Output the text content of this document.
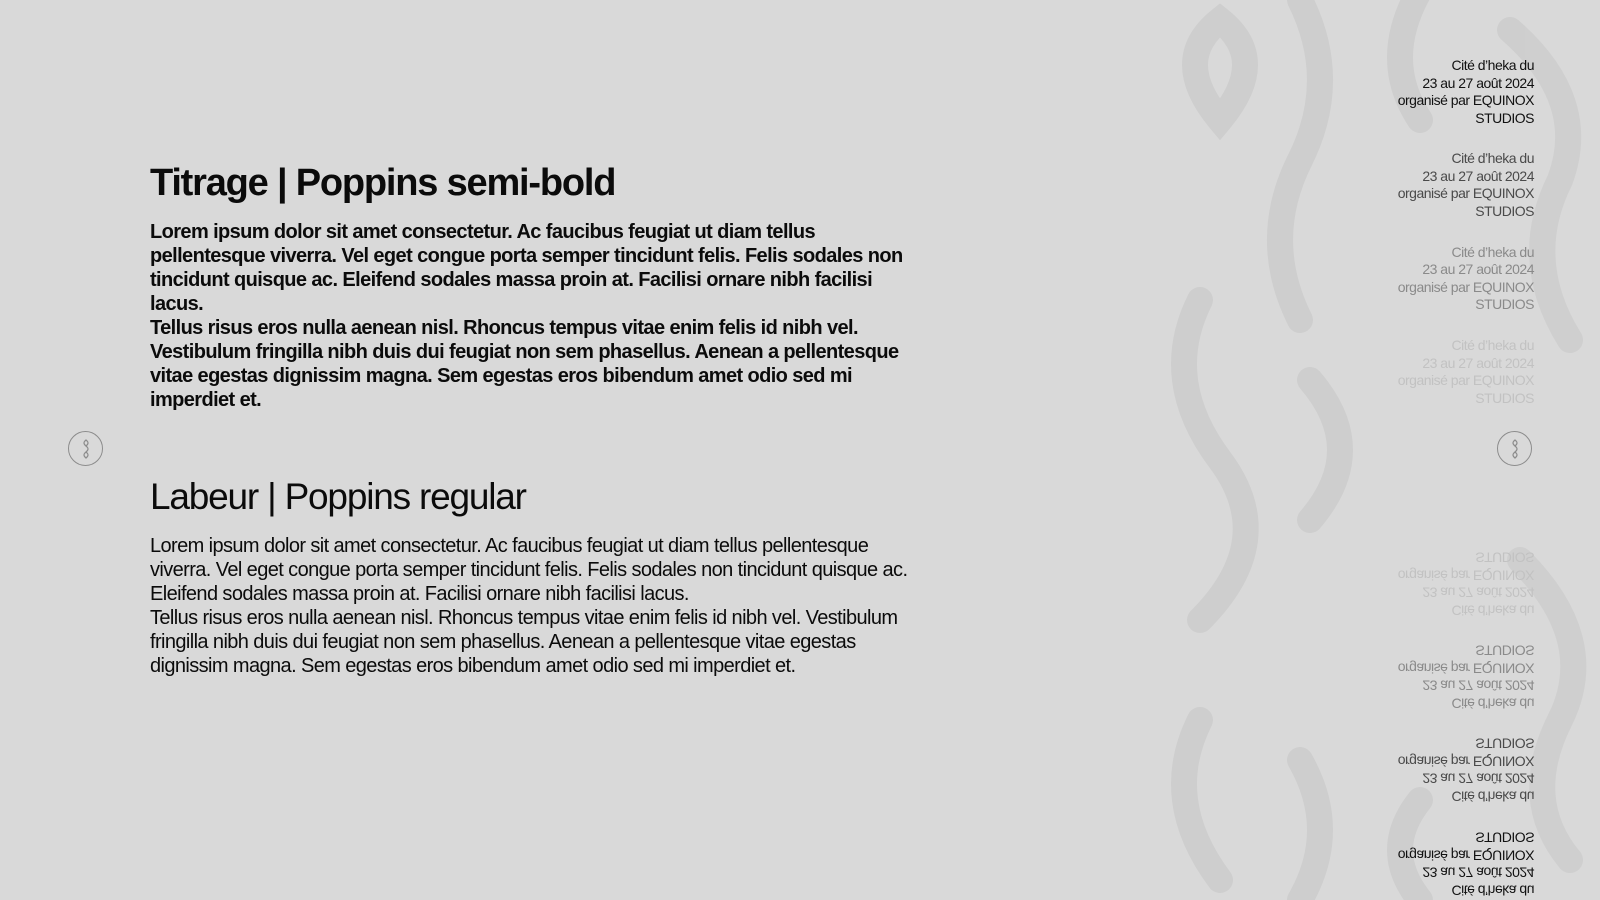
Titrage | Poppins semi-bold

Lorem ipsum dolor sit amet consectetur. Ac faucibus feugiat ut diam tellus pellentesque viverra. Vel eget congue porta semper tincidunt felis. Felis sodales non tincidunt quisque ac. Eleifend sodales massa proin at. Facilisi ornare nibh facilisi lacus.

Tellus risus eros nulla aenean nisl. Rhoncus tempus vitae enim felis id nibh vel. Vestibulum fringilla nibh duis dui feugiat non sem phasellus. Aenean a pellentesque vitae egestas dignissim magna. Sem egestas eros bibendum amet odio sed mi imperdiet et.

Labeur | Poppins regular

Lorem ipsum dolor sit amet consectetur. Ac faucibus feugiat ut diam tellus pellentesque viverra. Vel eget congue porta semper tincidunt felis. Felis sodales non tincidunt quisque ac. Eleifend sodales massa proin at. Facilisi ornare nibh facilisi lacus.

Tellus risus eros nulla aenean nisl. Rhoncus tempus vitae enim felis id nibh vel. Vestibulum fringilla nibh duis dui feugiat non sem phasellus. Aenean a pellentesque vitae egestas dignissim magna. Sem egestas eros bibendum amet odio sed mi imperdiet et.

Cité d’heka du
23 au 27 août 2024
organisé par EQUINOX
STUDIOS
Cité d’heka du
23 au 27 août 2024
organisé par EQUINOX
STUDIOS
Cité d’heka du
23 au 27 août 2024
organisé par EQUINOX
STUDIOS
Cité d’heka du
23 au 27 août 2024
organisé par EQUINOX
STUDIOS
Cité d’heka du
23 au 27 août 2024
organisé par EQUINOX
STUDIOS
Cité d’heka du
23 au 27 août 2024
organisé par EQUINOX
STUDIOS
Cité d’heka du
23 au 27 août 2024
organisé par EQUINOX
STUDIOS
Cité d’heka du
23 au 27 août 2024
organisé par EQUINOX
STUDIOS
